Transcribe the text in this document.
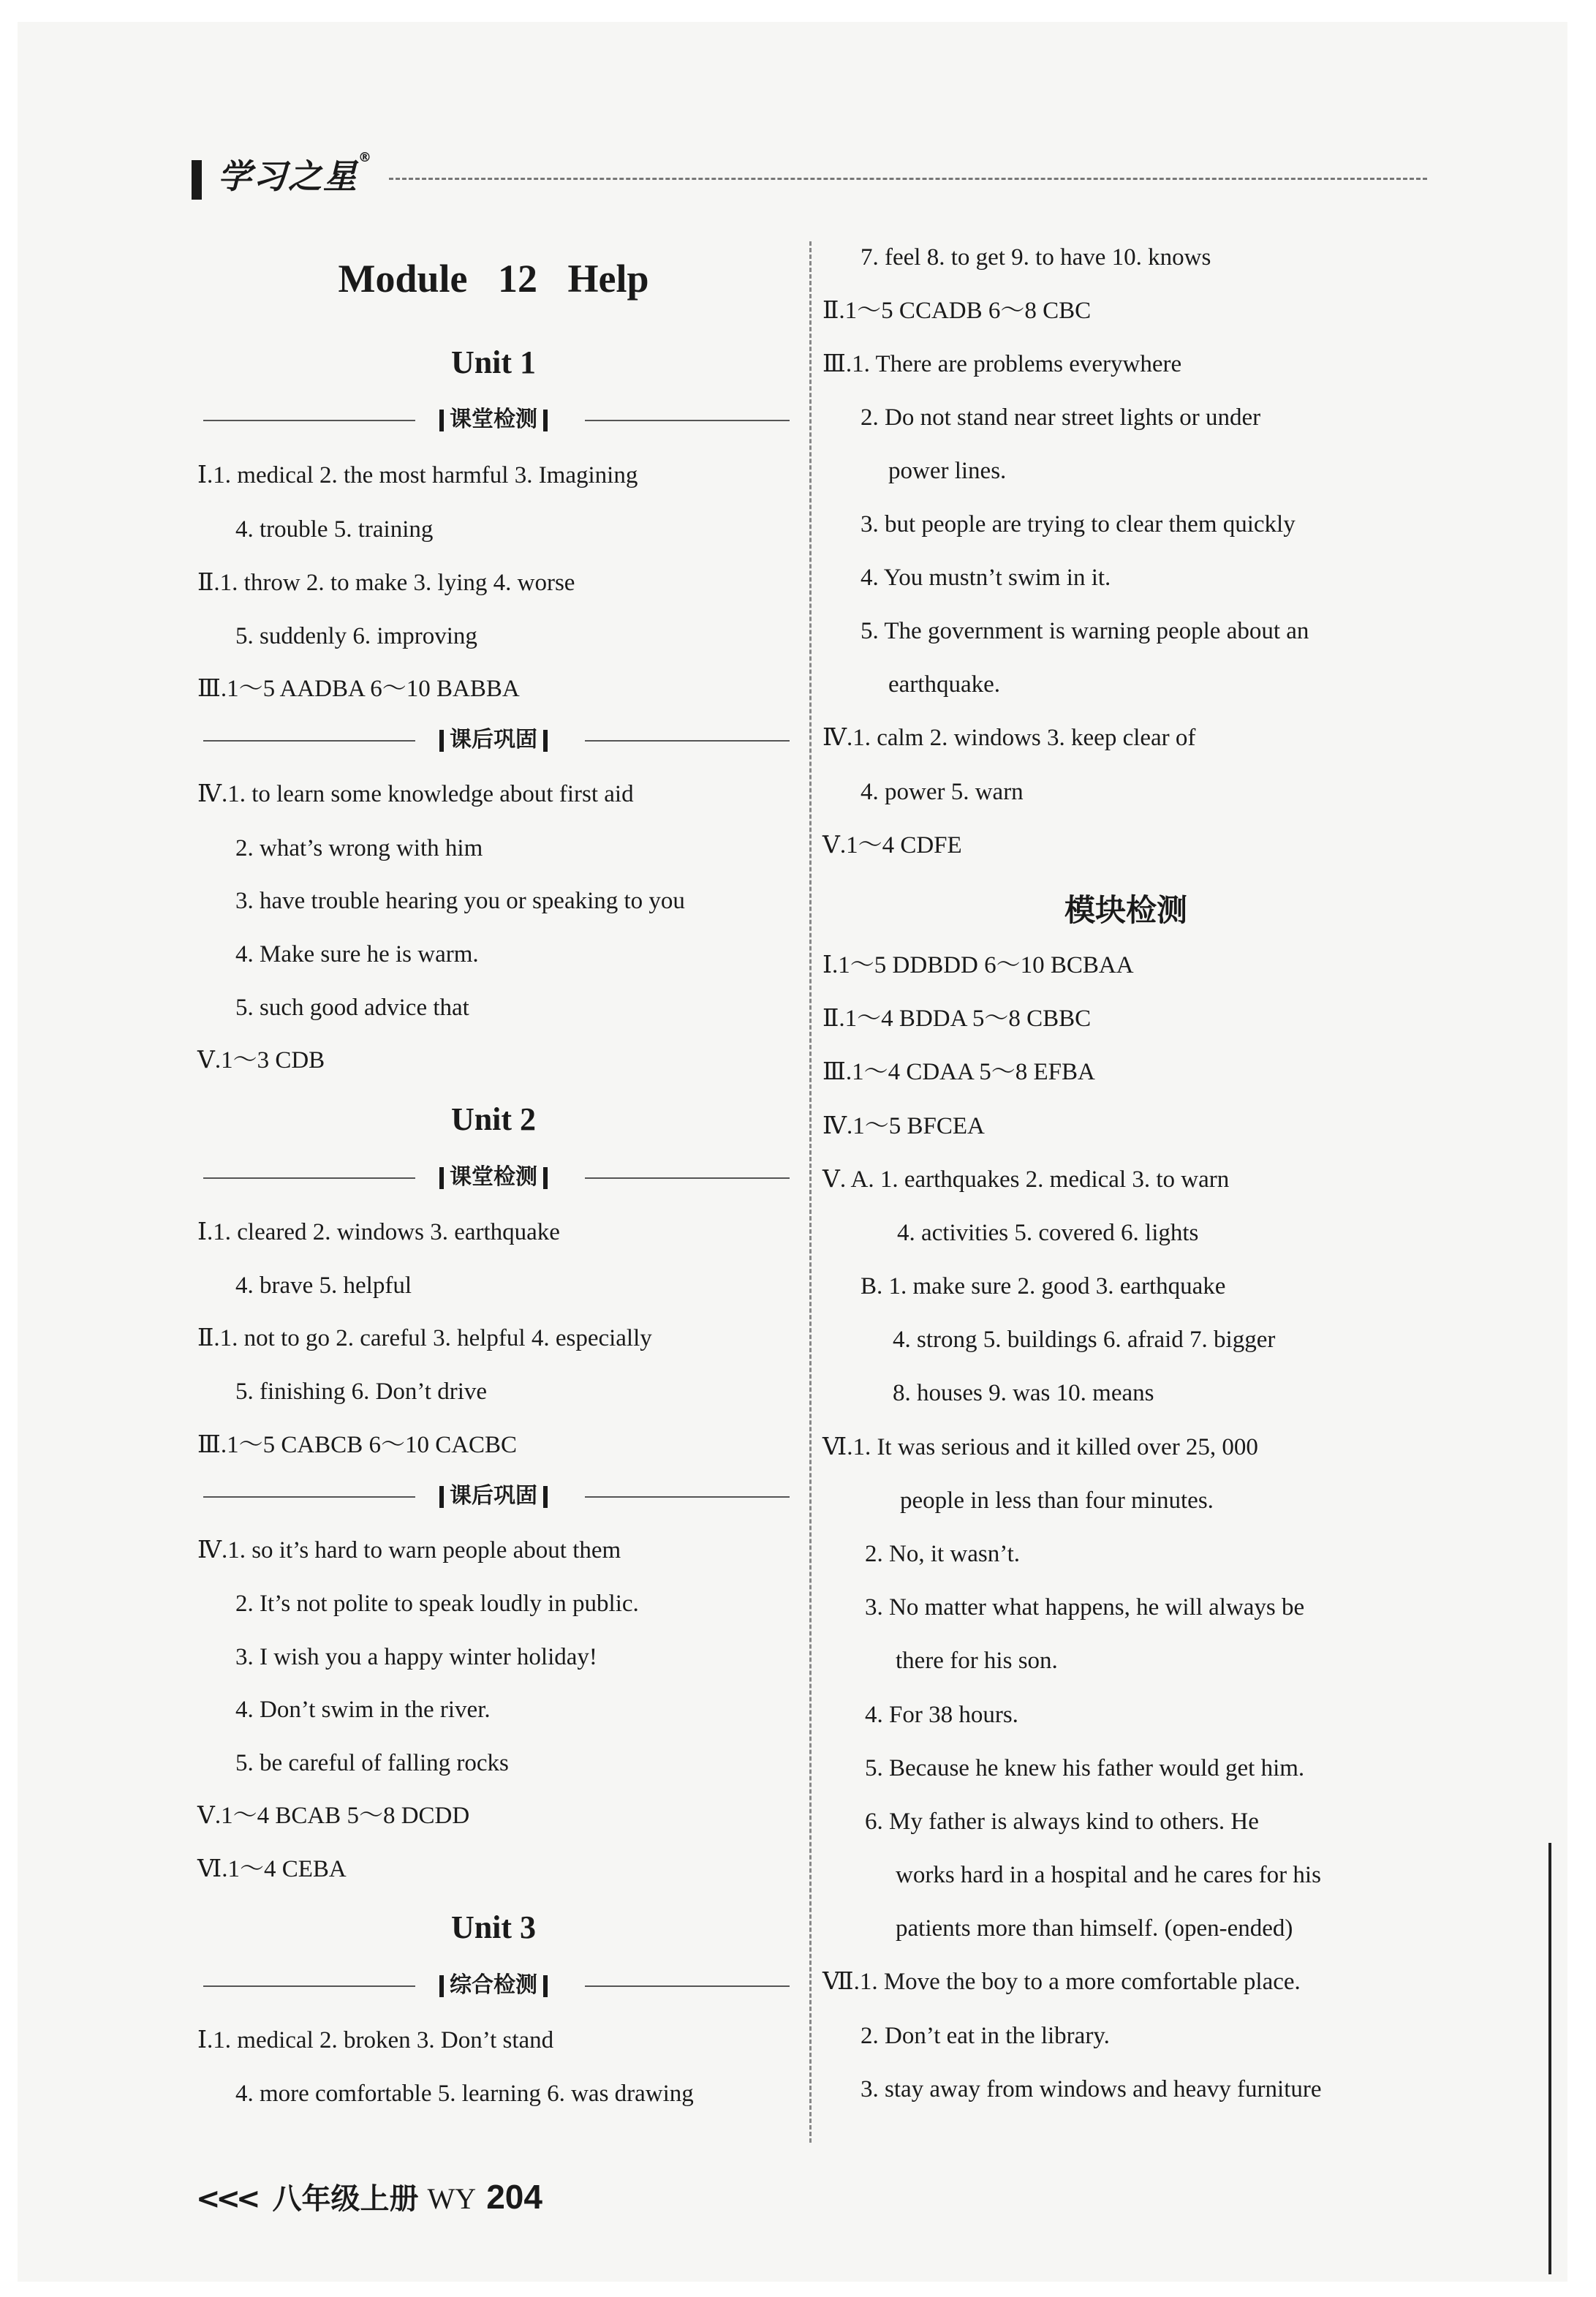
学习之星®
Module 12 Help
Unit 1
课堂检测
Ⅰ.1. medical 2. the most harmful 3. Imagining
4. trouble 5. training
Ⅱ.1. throw 2. to make 3. lying 4. worse
5. suddenly 6. improving
Ⅲ.1～5 AADBA 6～10 BABBA
课后巩固
Ⅳ.1. to learn some knowledge about first aid
2. what’s wrong with him
3. have trouble hearing you or speaking to you
4. Make sure he is warm.
5. such good advice that
Ⅴ.1～3 CDB
Unit 2
课堂检测
Ⅰ.1. cleared 2. windows 3. earthquake
4. brave 5. helpful
Ⅱ.1. not to go 2. careful 3. helpful 4. especially
5. finishing 6. Don’t drive
Ⅲ.1～5 CABCB 6～10 CACBC
课后巩固
Ⅳ.1. so it’s hard to warn people about them
2. It’s not polite to speak loudly in public.
3. I wish you a happy winter holiday!
4. Don’t swim in the river.
5. be careful of falling rocks
Ⅴ.1～4 BCAB 5～8 DCDD
Ⅵ.1～4 CEBA
Unit 3
综合检测
Ⅰ.1. medical 2. broken 3. Don’t stand
4. more comfortable 5. learning 6. was drawing
7. feel 8. to get 9. to have 10. knows
Ⅱ.1～5 CCADB 6～8 CBC
Ⅲ.1. There are problems everywhere
2. Do not stand near street lights or under
power lines.
3. but people are trying to clear them quickly
4. You mustn’t swim in it.
5. The government is warning people about an
earthquake.
Ⅳ.1. calm 2. windows 3. keep clear of
4. power 5. warn
Ⅴ.1～4 CDFE
模块检测
Ⅰ.1～5 DDBDD 6～10 BCBAA
Ⅱ.1～4 BDDA 5～8 CBBC
Ⅲ.1～4 CDAA 5～8 EFBA
Ⅳ.1～5 BFCEA
Ⅴ. A. 1. earthquakes 2. medical 3. to warn
4. activities 5. covered 6. lights
B. 1. make sure 2. good 3. earthquake
4. strong 5. buildings 6. afraid 7. bigger
8. houses 9. was 10. means
Ⅵ.1. It was serious and it killed over 25, 000
people in less than four minutes.
2. No, it wasn’t.
3. No matter what happens, he will always be
there for his son.
4. For 38 hours.
5. Because he knew his father would get him.
6. My father is always kind to others. He
works hard in a hospital and he cares for his
patients more than himself. (open-ended)
Ⅶ.1. Move the boy to a more comfortable place.
2. Don’t eat in the library.
3. stay away from windows and heavy furniture
<<< 八年级上册 WY 204
